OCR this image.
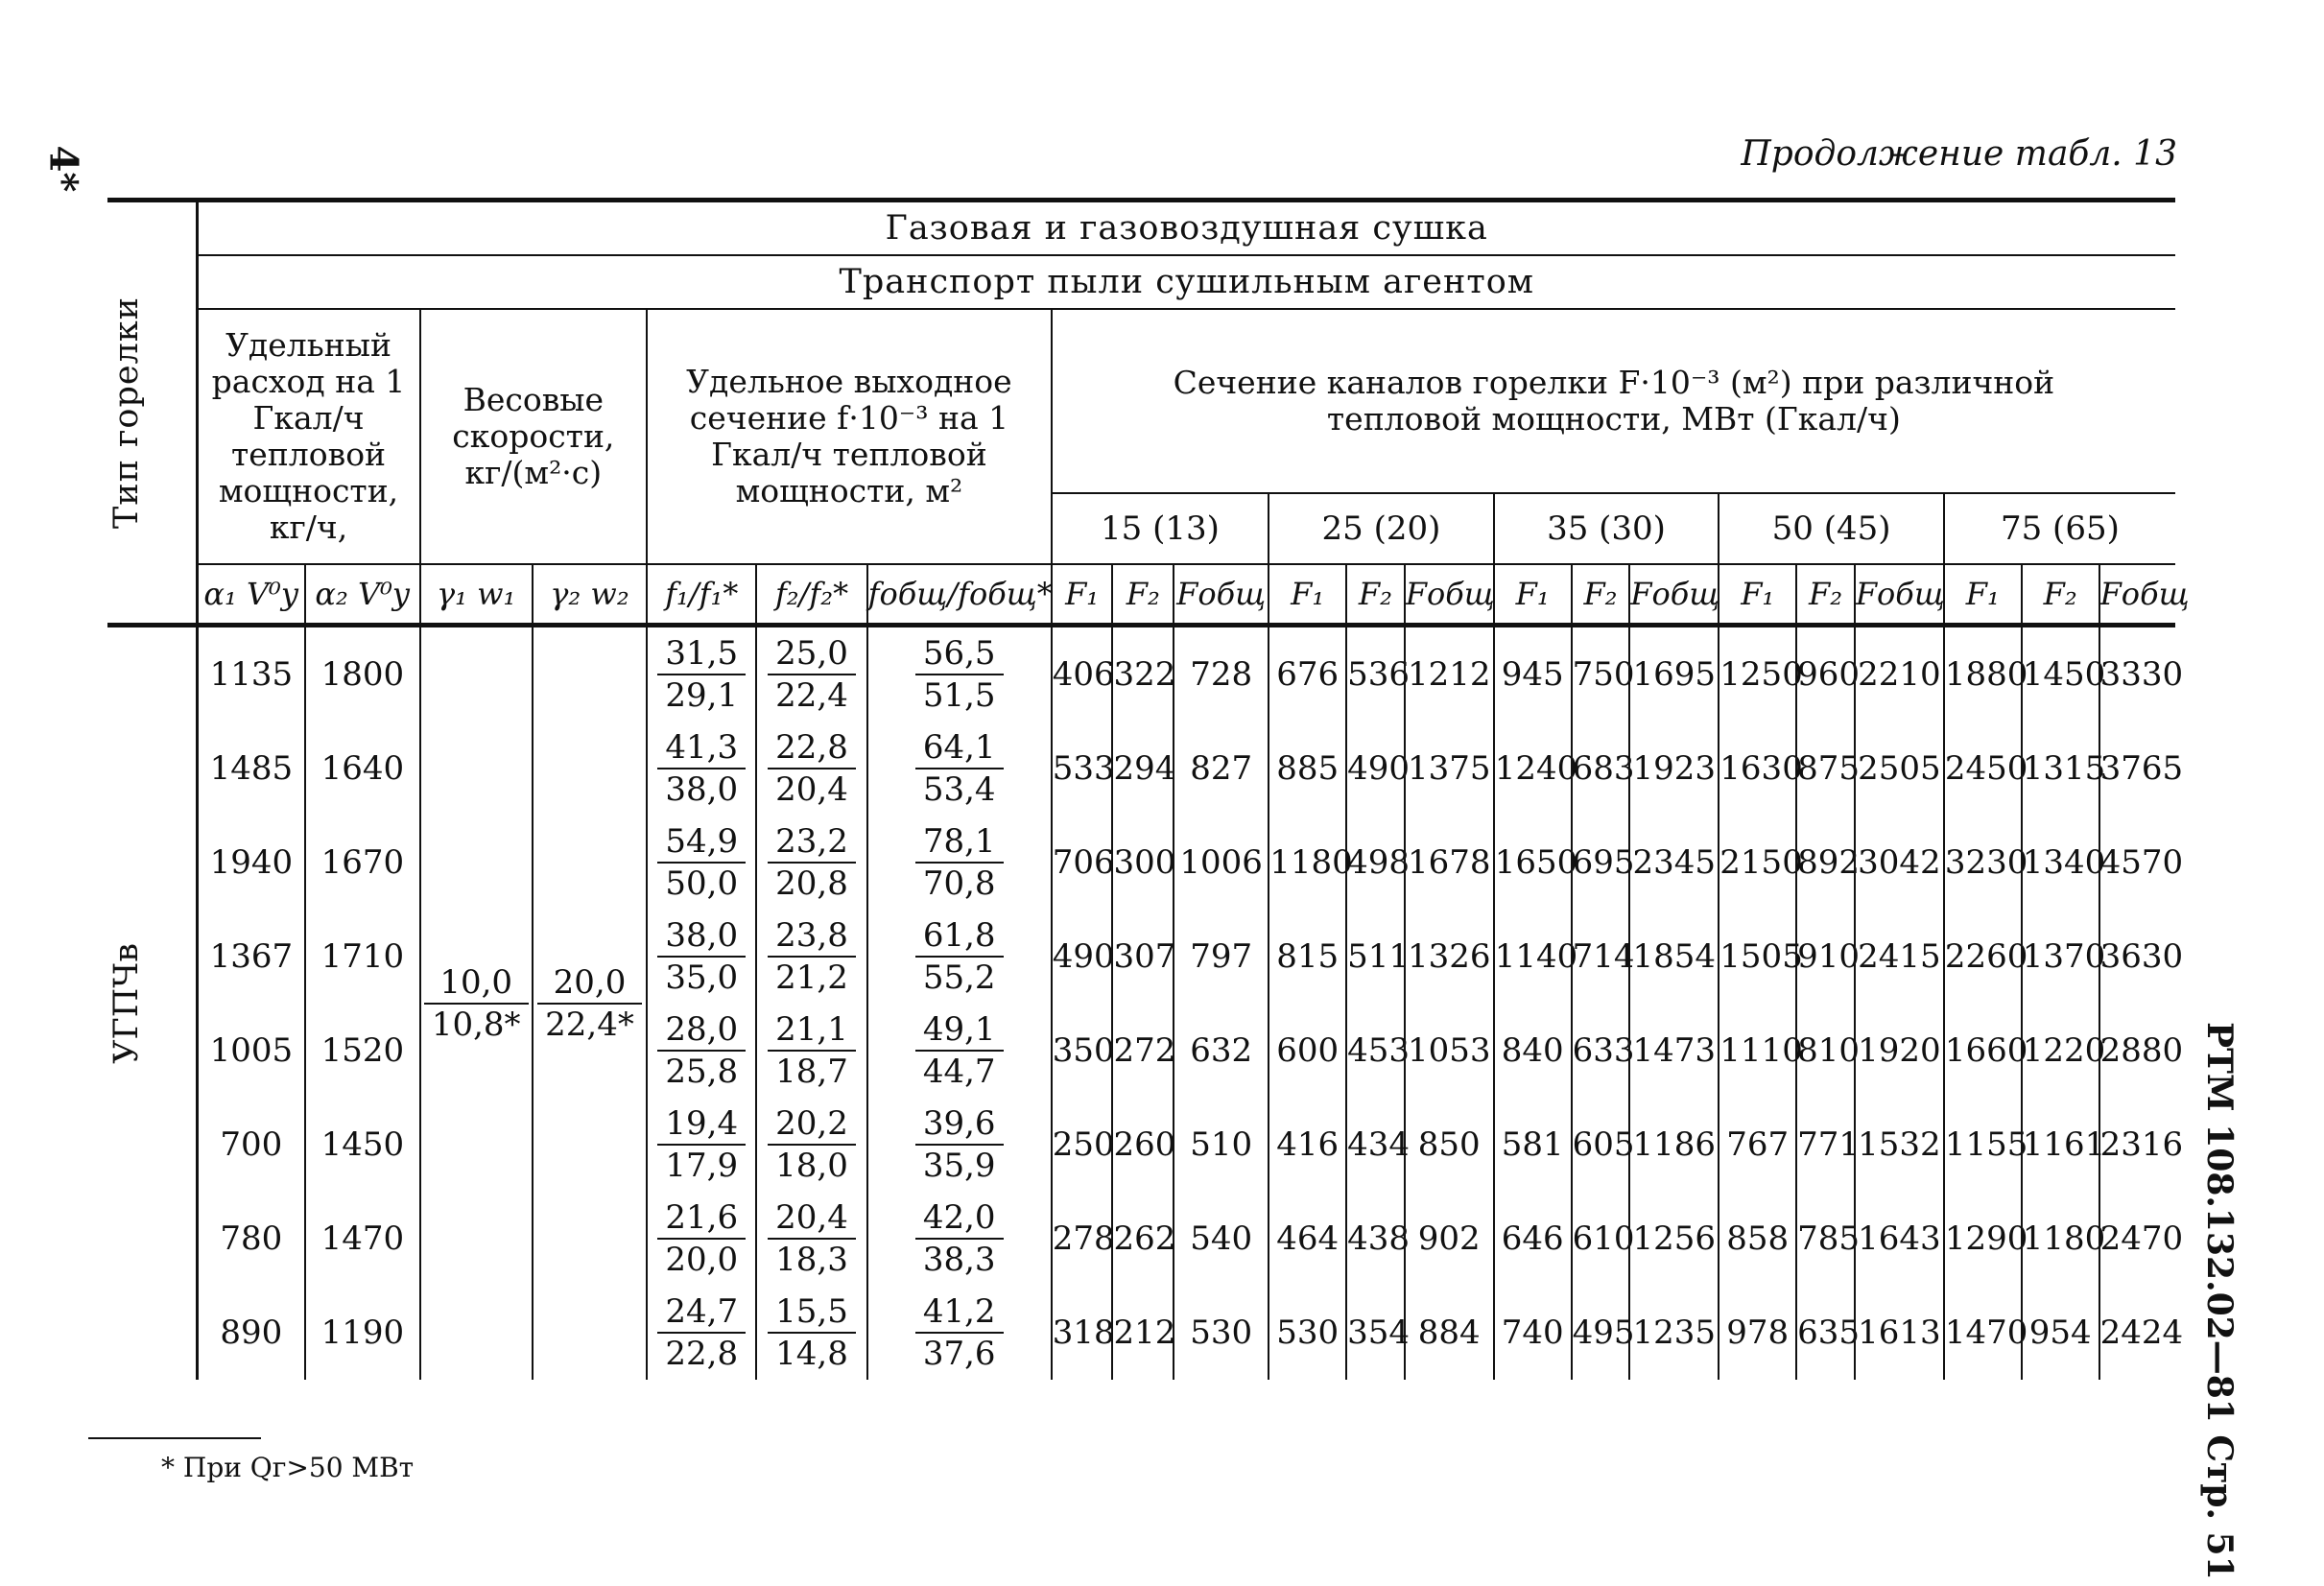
4*	Продолжение табл. 13
Тип горелки	Газовая и газовоздушная сушка																					
	Транспорт пыли сушильным агентом																					
	Удельный расход на 1 Гкал/ч тепловой мощности, кг/ч,		Весовые скорости, кг/(м²·с)		Удельное выходное сечение f·10⁻³ на 1 Гкал/ч тепловой мощности, м²			Сечение каналов горелки F·10⁻³ (м²) при различной тепловой мощности, МВт (Гкал/ч)														
								15 (13)			25 (20)			35 (30)			50 (45)			75 (65)		
	α₁ V⁰у	α₂ V⁰у	γ₁ w₁	γ₂ w₂	f₁/f₁*	f₂/f₂*	fобщ/fобщ*	F₁	F₂	Fобщ	F₁	F₂	Fобщ	F₁	F₂	Fобщ	F₁	F₂	Fобщ	F₁	F₂	Fобщ

УГПЧв	1135	1800	$\frac{10,0}{10,8*}$	$\frac{20,0}{22,4*}$	$\frac{31,5}{29,1}$	$\frac{25,0}{22,4}$	$\frac{56,5}{51,5}$	406	322	728	676	536	1212	945	750	1695	1250	960	2210	1880	1450	3330
	1485	1640			$\frac{41,3}{38,0}$	$\frac{22,8}{20,4}$	$\frac{64,1}{53,4}$	533	294	827	885	490	1375	1240	683	1923	1630	875	2505	2450	1315	3765
	1940	1670			$\frac{54,9}{50,0}$	$\frac{23,2}{20,8}$	$\frac{78,1}{70,8}$	706	300	1006	1180	498	1678	1650	695	2345	2150	892	3042	3230	1340	4570
	1367	1710			$\frac{38,0}{35,0}$	$\frac{23,8}{21,2}$	$\frac{61,8}{55,2}$	490	307	797	815	511	1326	1140	714	1854	1505	910	2415	2260	1370	3630
	1005	1520			$\frac{28,0}{25,8}$	$\frac{21,1}{18,7}$	$\frac{49,1}{44,7}$	350	272	632	600	453	1053	840	633	1473	1110	810	1920	1660	1220	2880
	700	1450			$\frac{19,4}{17,9}$	$\frac{20,2}{18,0}$	$\frac{39,6}{35,9}$	250	260	510	416	434	850	581	605	1186	767	771	1532	1155	1161	2316
	780	1470			$\frac{21,6}{20,0}$	$\frac{20,4}{18,3}$	$\frac{42,0}{38,3}$	278	262	540	464	438	902	646	610	1256	858	785	1643	1290	1180	2470
	890	1190			$\frac{24,7}{22,8}$	$\frac{15,5}{14,8}$	$\frac{41,2}{37,6}$	318	212	530	530	354	884	740	495	1235	978	635	1613	1470	954	2424
* При Qг>50 МВт	РТМ 108.132.02—81 Стр. 51
